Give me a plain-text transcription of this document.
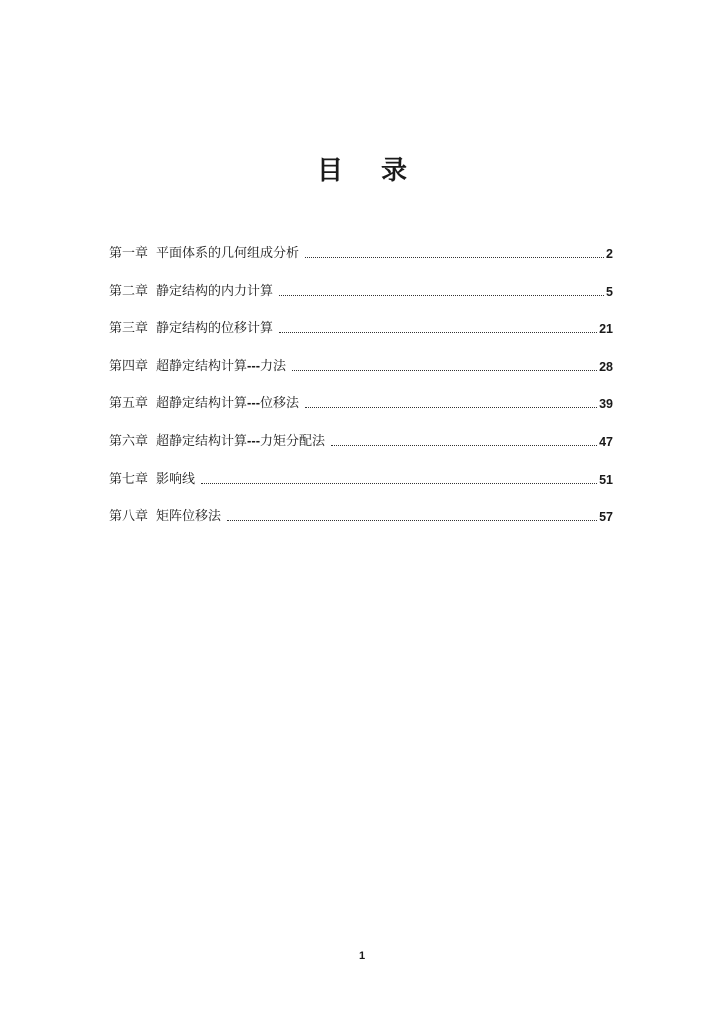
目 录
第一章 平面体系的几何组成分析	2
第二章 静定结构的内力计算	5
第三章 静定结构的位移计算	21
第四章 超静定结构计算---力法	28
第五章 超静定结构计算---位移法	39
第六章 超静定结构计算---力矩分配法	47
第七章 影响线	51
第八章 矩阵位移法	57
1
